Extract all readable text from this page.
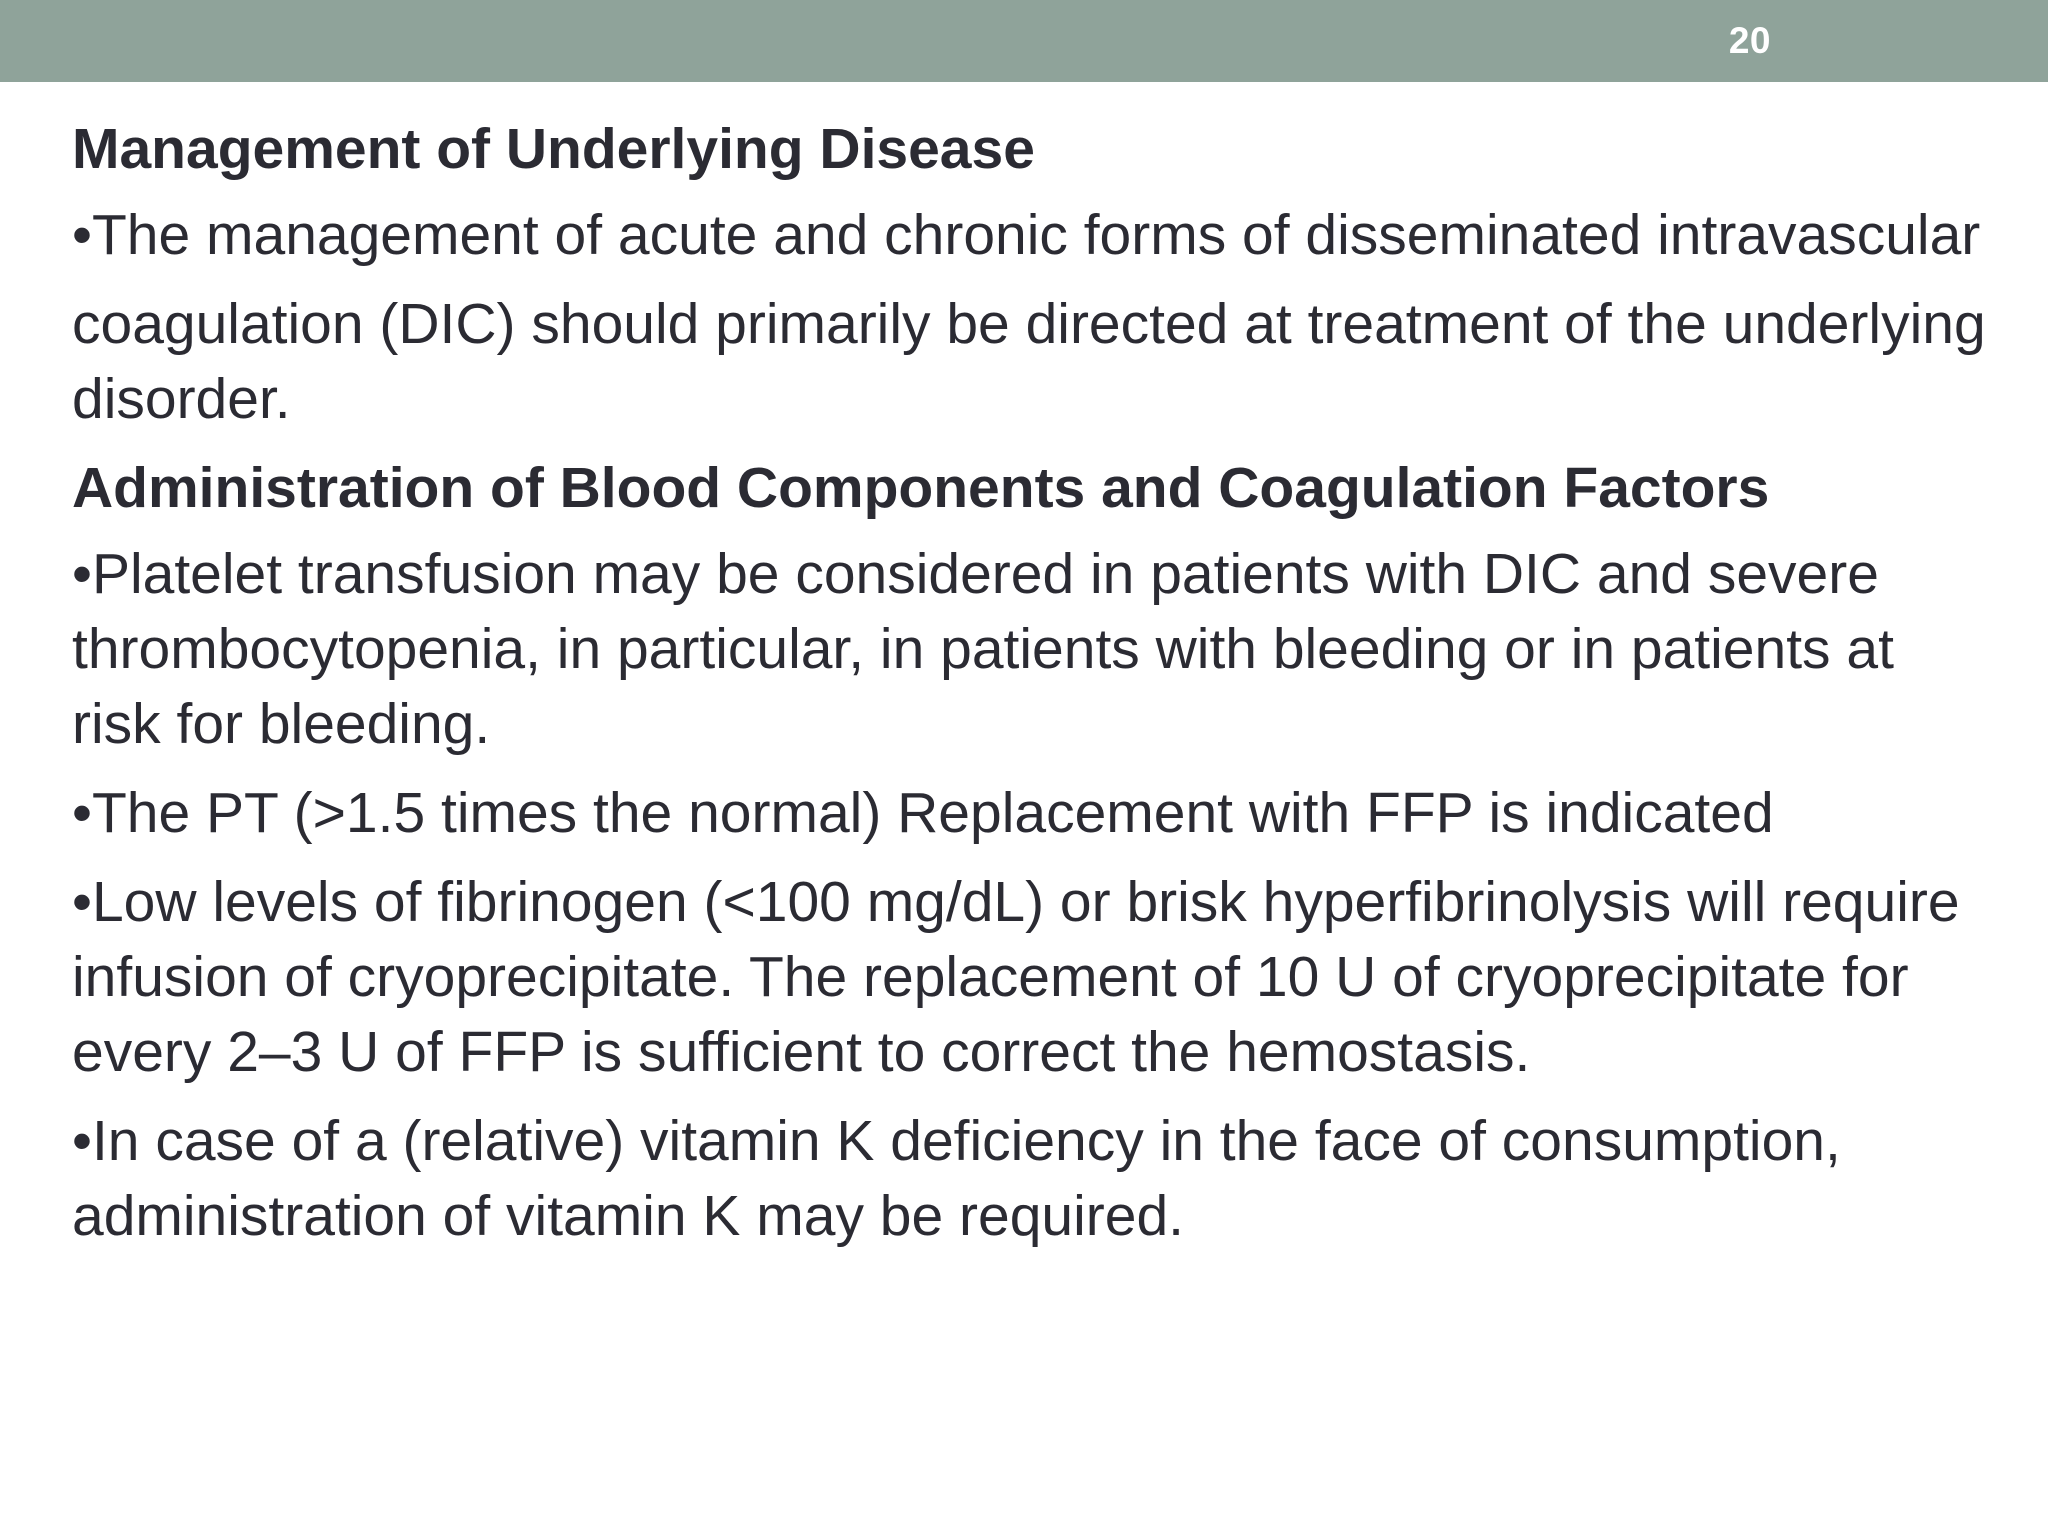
20
Management of Underlying Disease
•The management of acute and chronic forms of disseminated intravascular
coagulation (DIC) should primarily be directed at treatment of the underlying disorder.
Administration of Blood Components and Coagulation Factors
•Platelet transfusion may be considered in patients with DIC and severe thrombocytopenia, in particular, in patients with bleeding or in patients at risk for bleeding.
•The PT (>1.5 times the normal) Replacement with FFP is indicated
•Low levels of fibrinogen (<100 mg/dL) or brisk hyperfibrinolysis will require infusion of cryoprecipitate. The replacement of 10 U of cryoprecipitate for every 2–3 U of FFP is sufficient to correct the hemostasis.
•In case of a (relative) vitamin K deficiency in the face of consumption, administration of vitamin K may be required.
